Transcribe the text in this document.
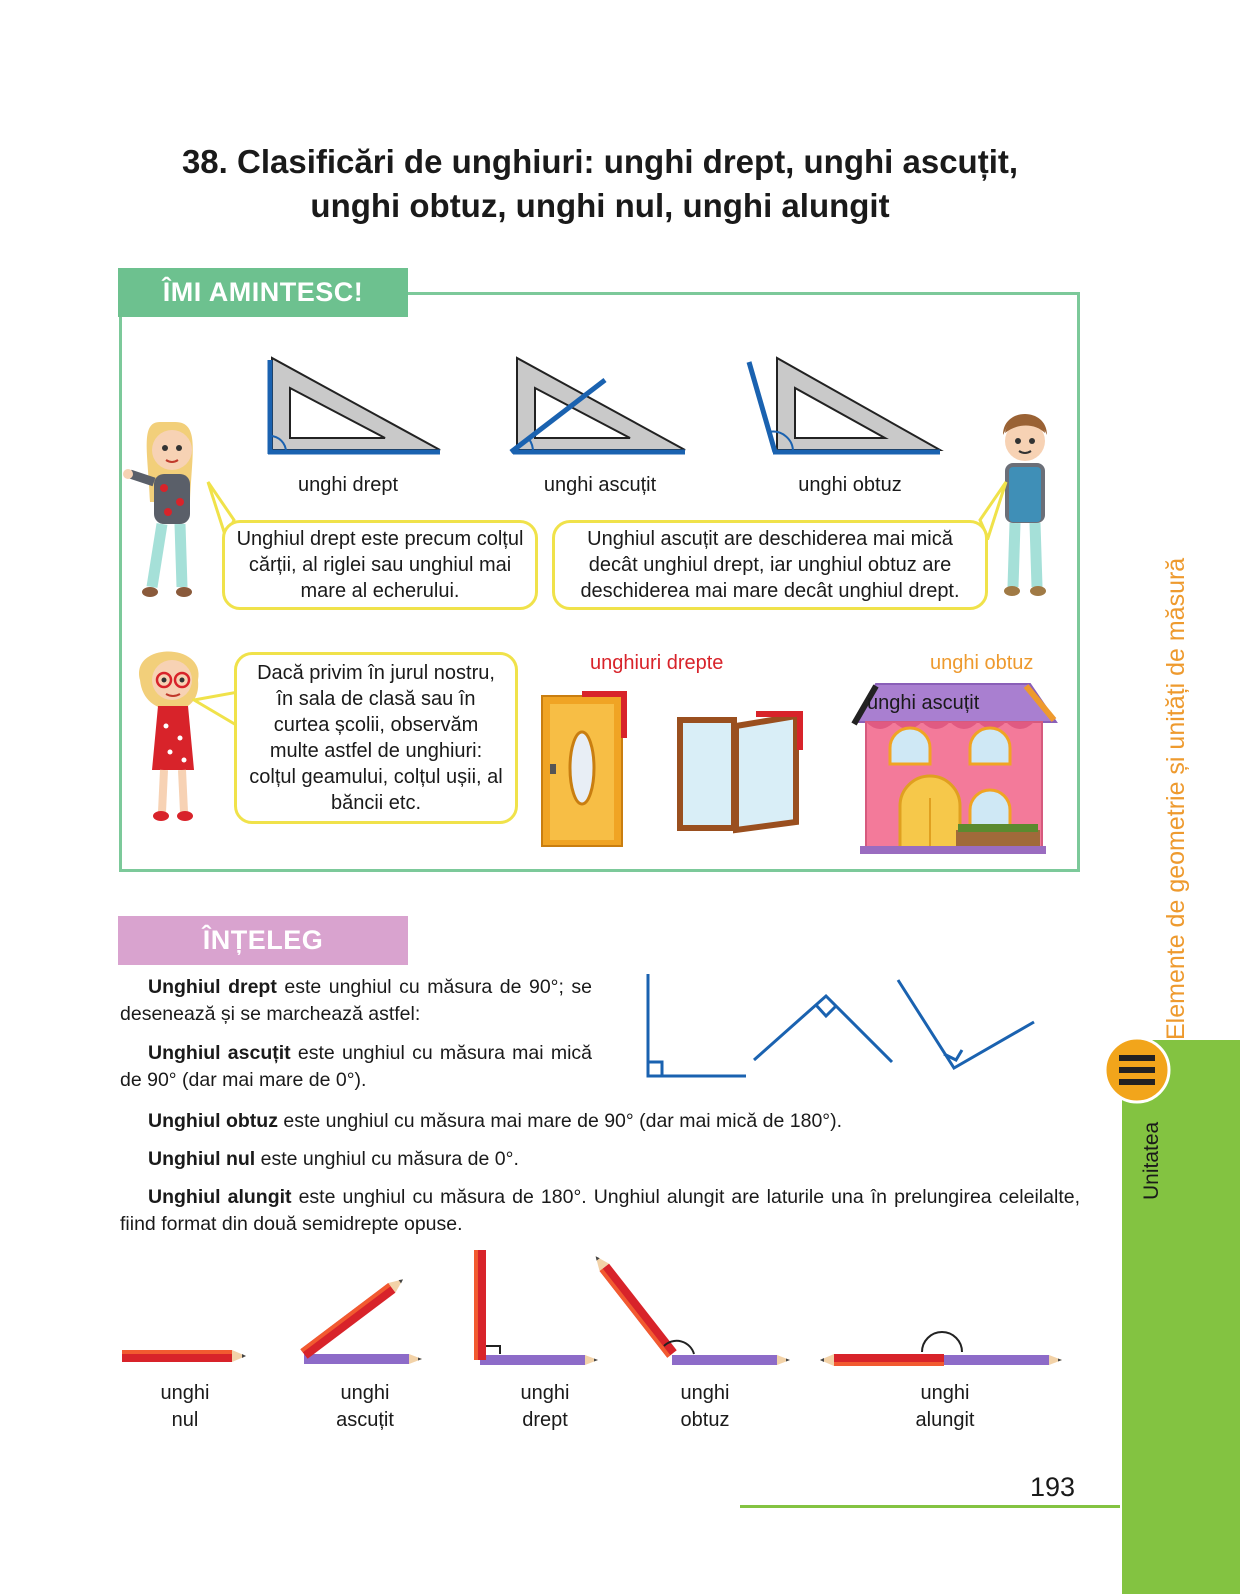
38. Clasificări de unghiuri: unghi drept, unghi ascuțit,
unghi obtuz, unghi nul, unghi alungit
ÎMI AMINTESC!
unghi drept	unghi ascuțit	unghi obtuz
Unghiul drept este precum colțul cărții, al riglei sau unghiul mai mare al echerului.
Unghiul ascuțit are deschiderea mai mică decât unghiul drept, iar unghiul obtuz are deschiderea mai mare decât unghiul drept.
Dacă privim în jurul nostru, în sala de clasă sau în curtea școlii, observăm multe astfel de unghiuri: colțul geamului, colțul ușii, al băncii etc.
unghiuri drepte	unghi obtuz
unghi ascuțit
ÎNȚELEG
Unghiul drept este unghiul cu măsura de 90°; se desenează și se marchează astfel:
Unghiul ascuțit este unghiul cu măsura mai mică de 90° (dar mai mare de 0°).
Unghiul obtuz este unghiul cu măsura mai mare de 90° (dar mai mică de 180°).
Unghiul nul este unghiul cu măsura de 0°.
Unghiul alungit este unghiul cu măsura de 180°. Unghiul alungit are laturile una în prelungirea celeilalte, fiind format din două semidrepte opuse.
unghi
nul
unghi
ascuțit
unghi
drept
unghi
obtuz
unghi
alungit
Elemente de geometrie și unități de măsură
Unitatea
193
